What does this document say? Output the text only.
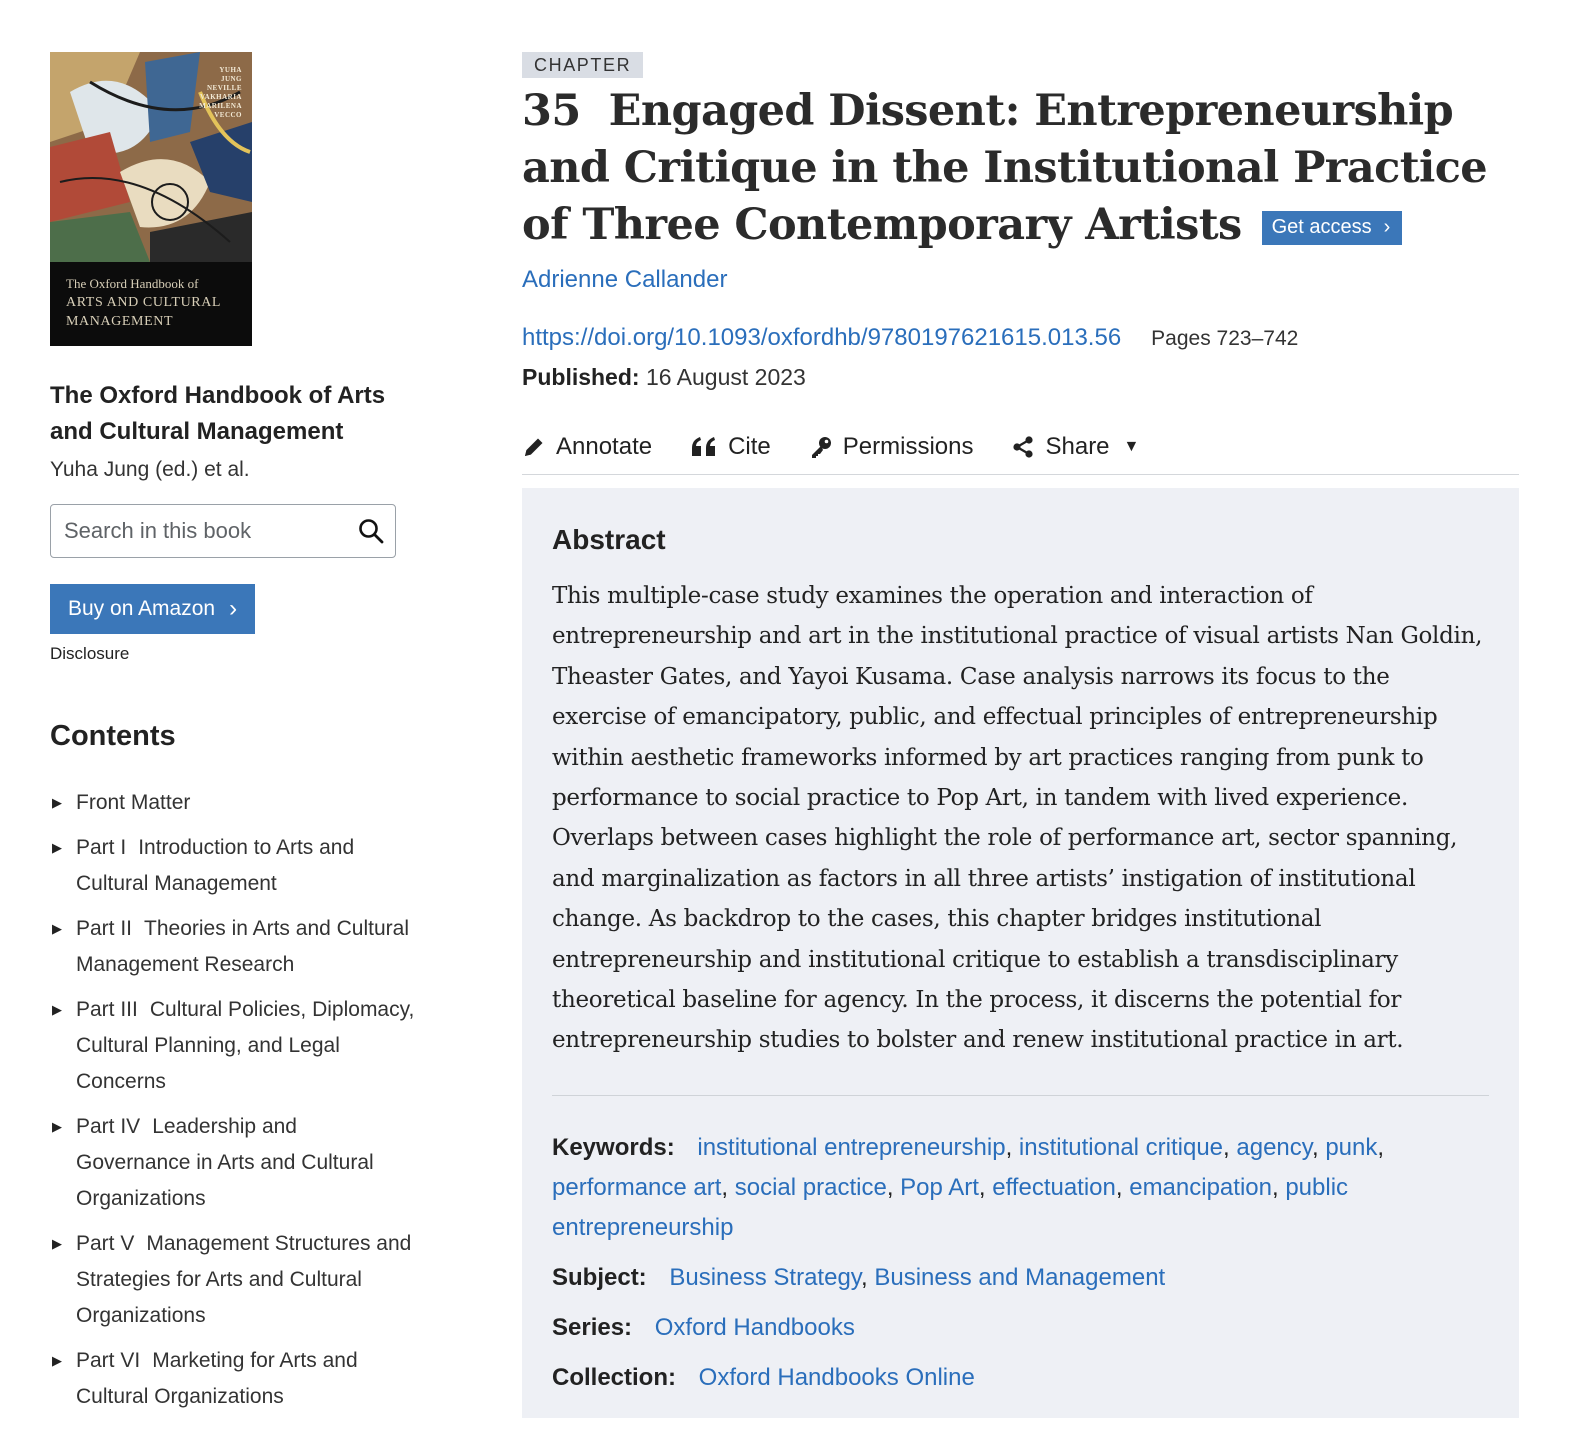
YUHA
JUNG
NEVILLE
VAKHARIA
MARILENA
VECCO
The Oxford Handbook of
ARTS AND CULTURAL
MANAGEMENT
The Oxford Handbook of Arts and Cultural Management
Yuha Jung (ed.) et al.
Search in this book
Buy on Amazon ›
Disclosure
Contents
▶ Front Matter
▶ Part I Introduction to Arts and Cultural Management
▶ Part II Theories in Arts and Cultural Management Research
▶ Part III Cultural Policies, Diplomacy, Cultural Planning, and Legal Concerns
▶ Part IV Leadership and Governance in Arts and Cultural Organizations
▶ Part V Management Structures and Strategies for Arts and Cultural Organizations
▶ Part VI Marketing for Arts and Cultural Organizations
CHAPTER
35 Engaged Dissent: Entrepreneurship and Critique in the Institutional Practice of Three Contemporary Artists Get access ›
Adrienne Callander
https://doi.org/10.1093/oxfordhb/9780197621615.013.56 Pages 723–742
Published: 16 August 2023
Annotate	Cite	Permissions	Share ▼
Abstract
This multiple-case study examines the operation and interaction of entrepreneurship and art in the institutional practice of visual artists Nan Goldin, Theaster Gates, and Yayoi Kusama. Case analysis narrows its focus to the exercise of emancipatory, public, and effectual principles of entrepreneurship within aesthetic frameworks informed by art practices ranging from punk to performance to social practice to Pop Art, in tandem with lived experience. Overlaps between cases highlight the role of performance art, sector spanning, and marginalization as factors in all three artists’ instigation of institutional change. As backdrop to the cases, this chapter bridges institutional entrepreneurship and institutional critique to establish a transdisciplinary theoretical baseline for agency. In the process, it discerns the potential for entrepreneurship studies to bolster and renew institutional practice in art.
Keywords: institutional entrepreneurship, institutional critique, agency, punk, performance art, social practice, Pop Art, effectuation, emancipation, public entrepreneurship
Subject: Business Strategy, Business and Management
Series: Oxford Handbooks
Collection: Oxford Handbooks Online
